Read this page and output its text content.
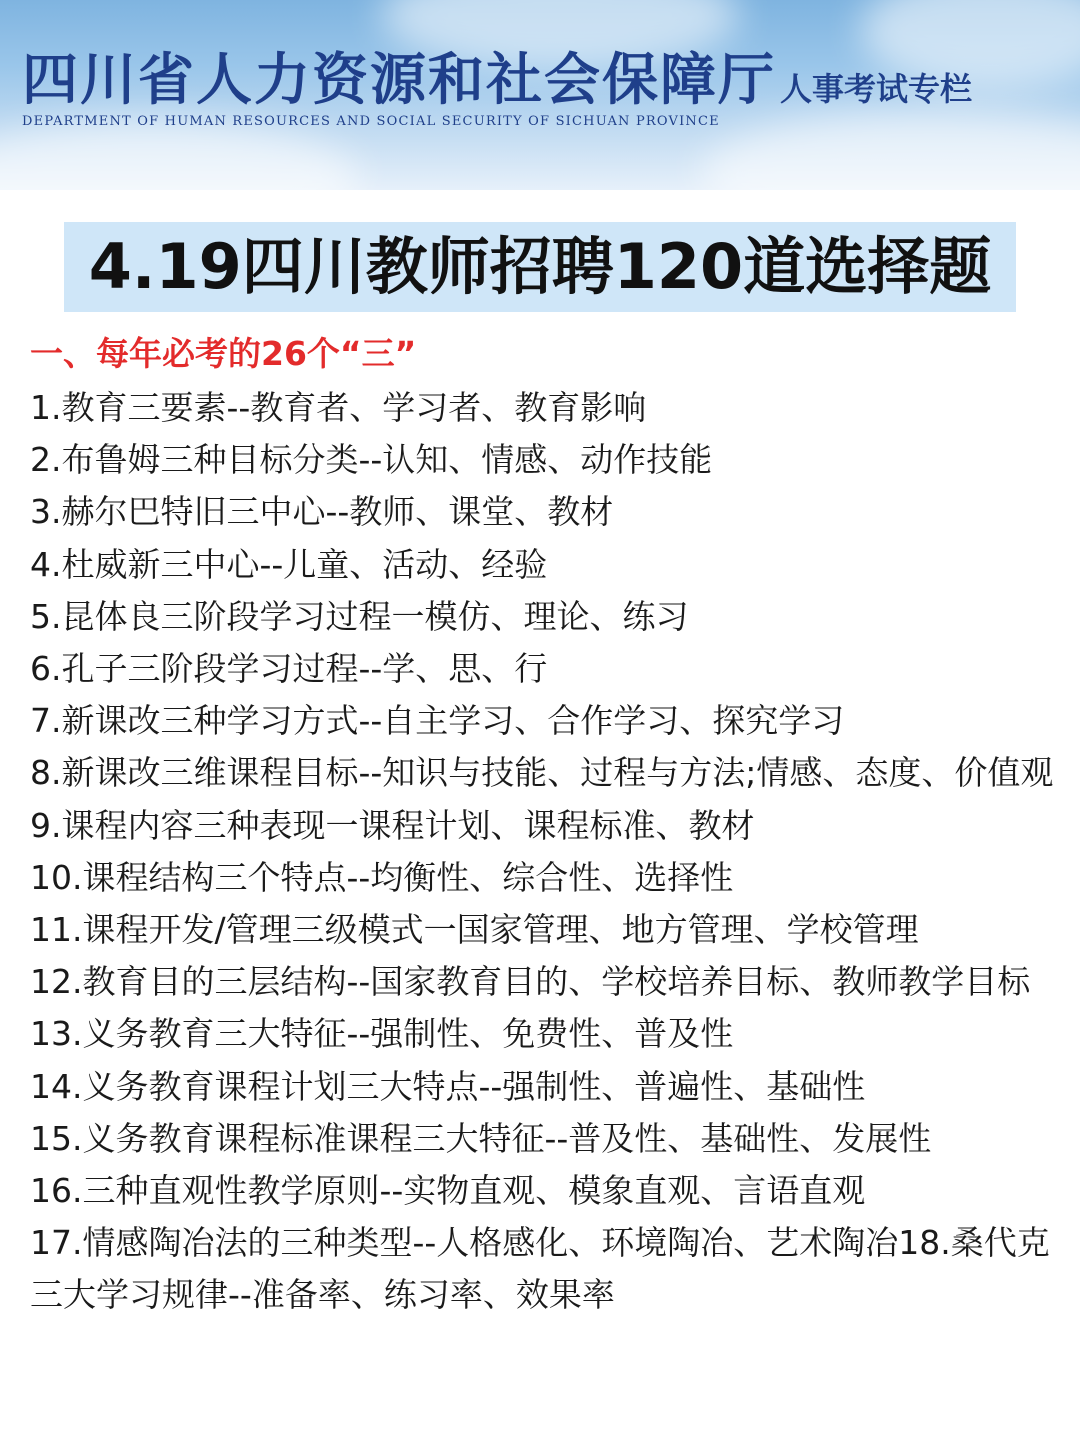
四川省人力资源和社会保障厅
DEPARTMENT OF HUMAN RESOURCES AND SOCIAL SECURITY OF SICHUAN PROVINCE
人事考试专栏
4.19四川教师招聘120道选择题
一、每年必考的26个“三”
1.教育三要素--教育者、学习者、教育影响
2.布鲁姆三种目标分类--认知、情感、动作技能
3.赫尔巴特旧三中心--教师、课堂、教材
4.杜威新三中心--儿童、活动、经验
5.昆体良三阶段学习过程一模仿、理论、练习
6.孔子三阶段学习过程--学、思、行
7.新课改三种学习方式--自主学习、合作学习、探究学习
8.新课改三维课程目标--知识与技能、过程与方法;情感、态度、价值观
9.课程内容三种表现一课程计划、课程标准、教材
10.课程结构三个特点--均衡性、综合性、选择性
11.课程开发/管理三级模式一国家管理、地方管理、学校管理
12.教育目的三层结构--国家教育目的、学校培养目标、教师教学目标
13.义务教育三大特征--强制性、免费性、普及性
14.义务教育课程计划三大特点--强制性、普遍性、基础性
15.义务教育课程标准课程三大特征--普及性、基础性、发展性
16.三种直观性教学原则--实物直观、模象直观、言语直观
17.情感陶冶法的三种类型--人格感化、环境陶冶、艺术陶冶18.桑代克三大学习规律--准备率、练习率、效果率
